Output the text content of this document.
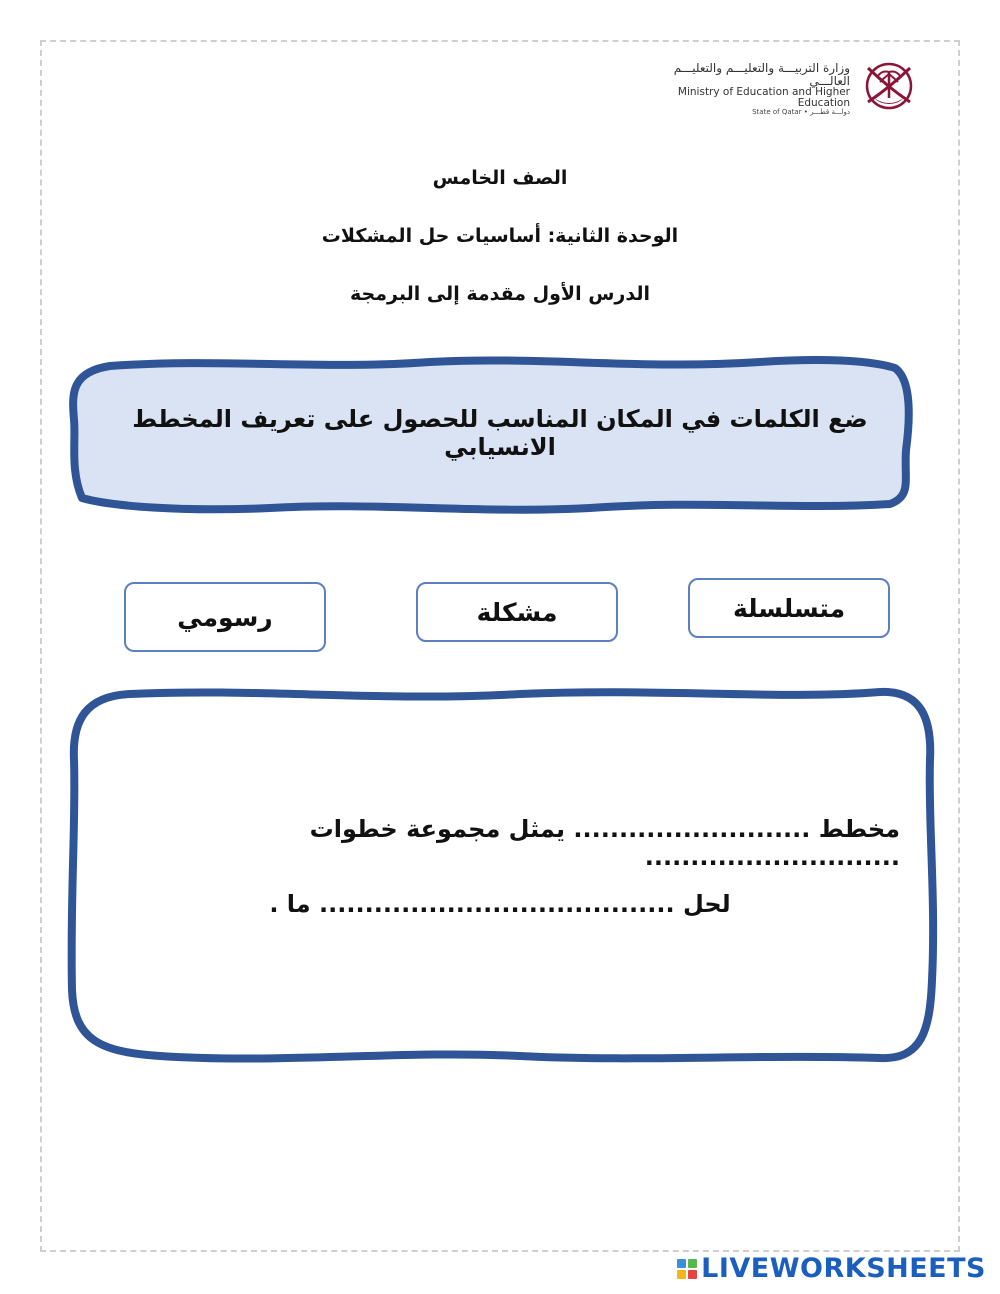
وزارة التربيـــة والتعليـــم والتعليـــم العالـــي
Ministry of Education and Higher Education
State of Qatar • دولـــة قطـــر
الصف الخامس
الوحدة الثانية: أساسيات حل المشكلات
الدرس الأول مقدمة إلى البرمجة
ضع الكلمات في المكان المناسب للحصول على تعريف المخطط الانسيابي
متسلسلة
مشكلة
رسومي
مخطط .......................... يمثل مجموعة خطوات ............................
لحل ....................................... ما .
LIVEWORKSHEETS
